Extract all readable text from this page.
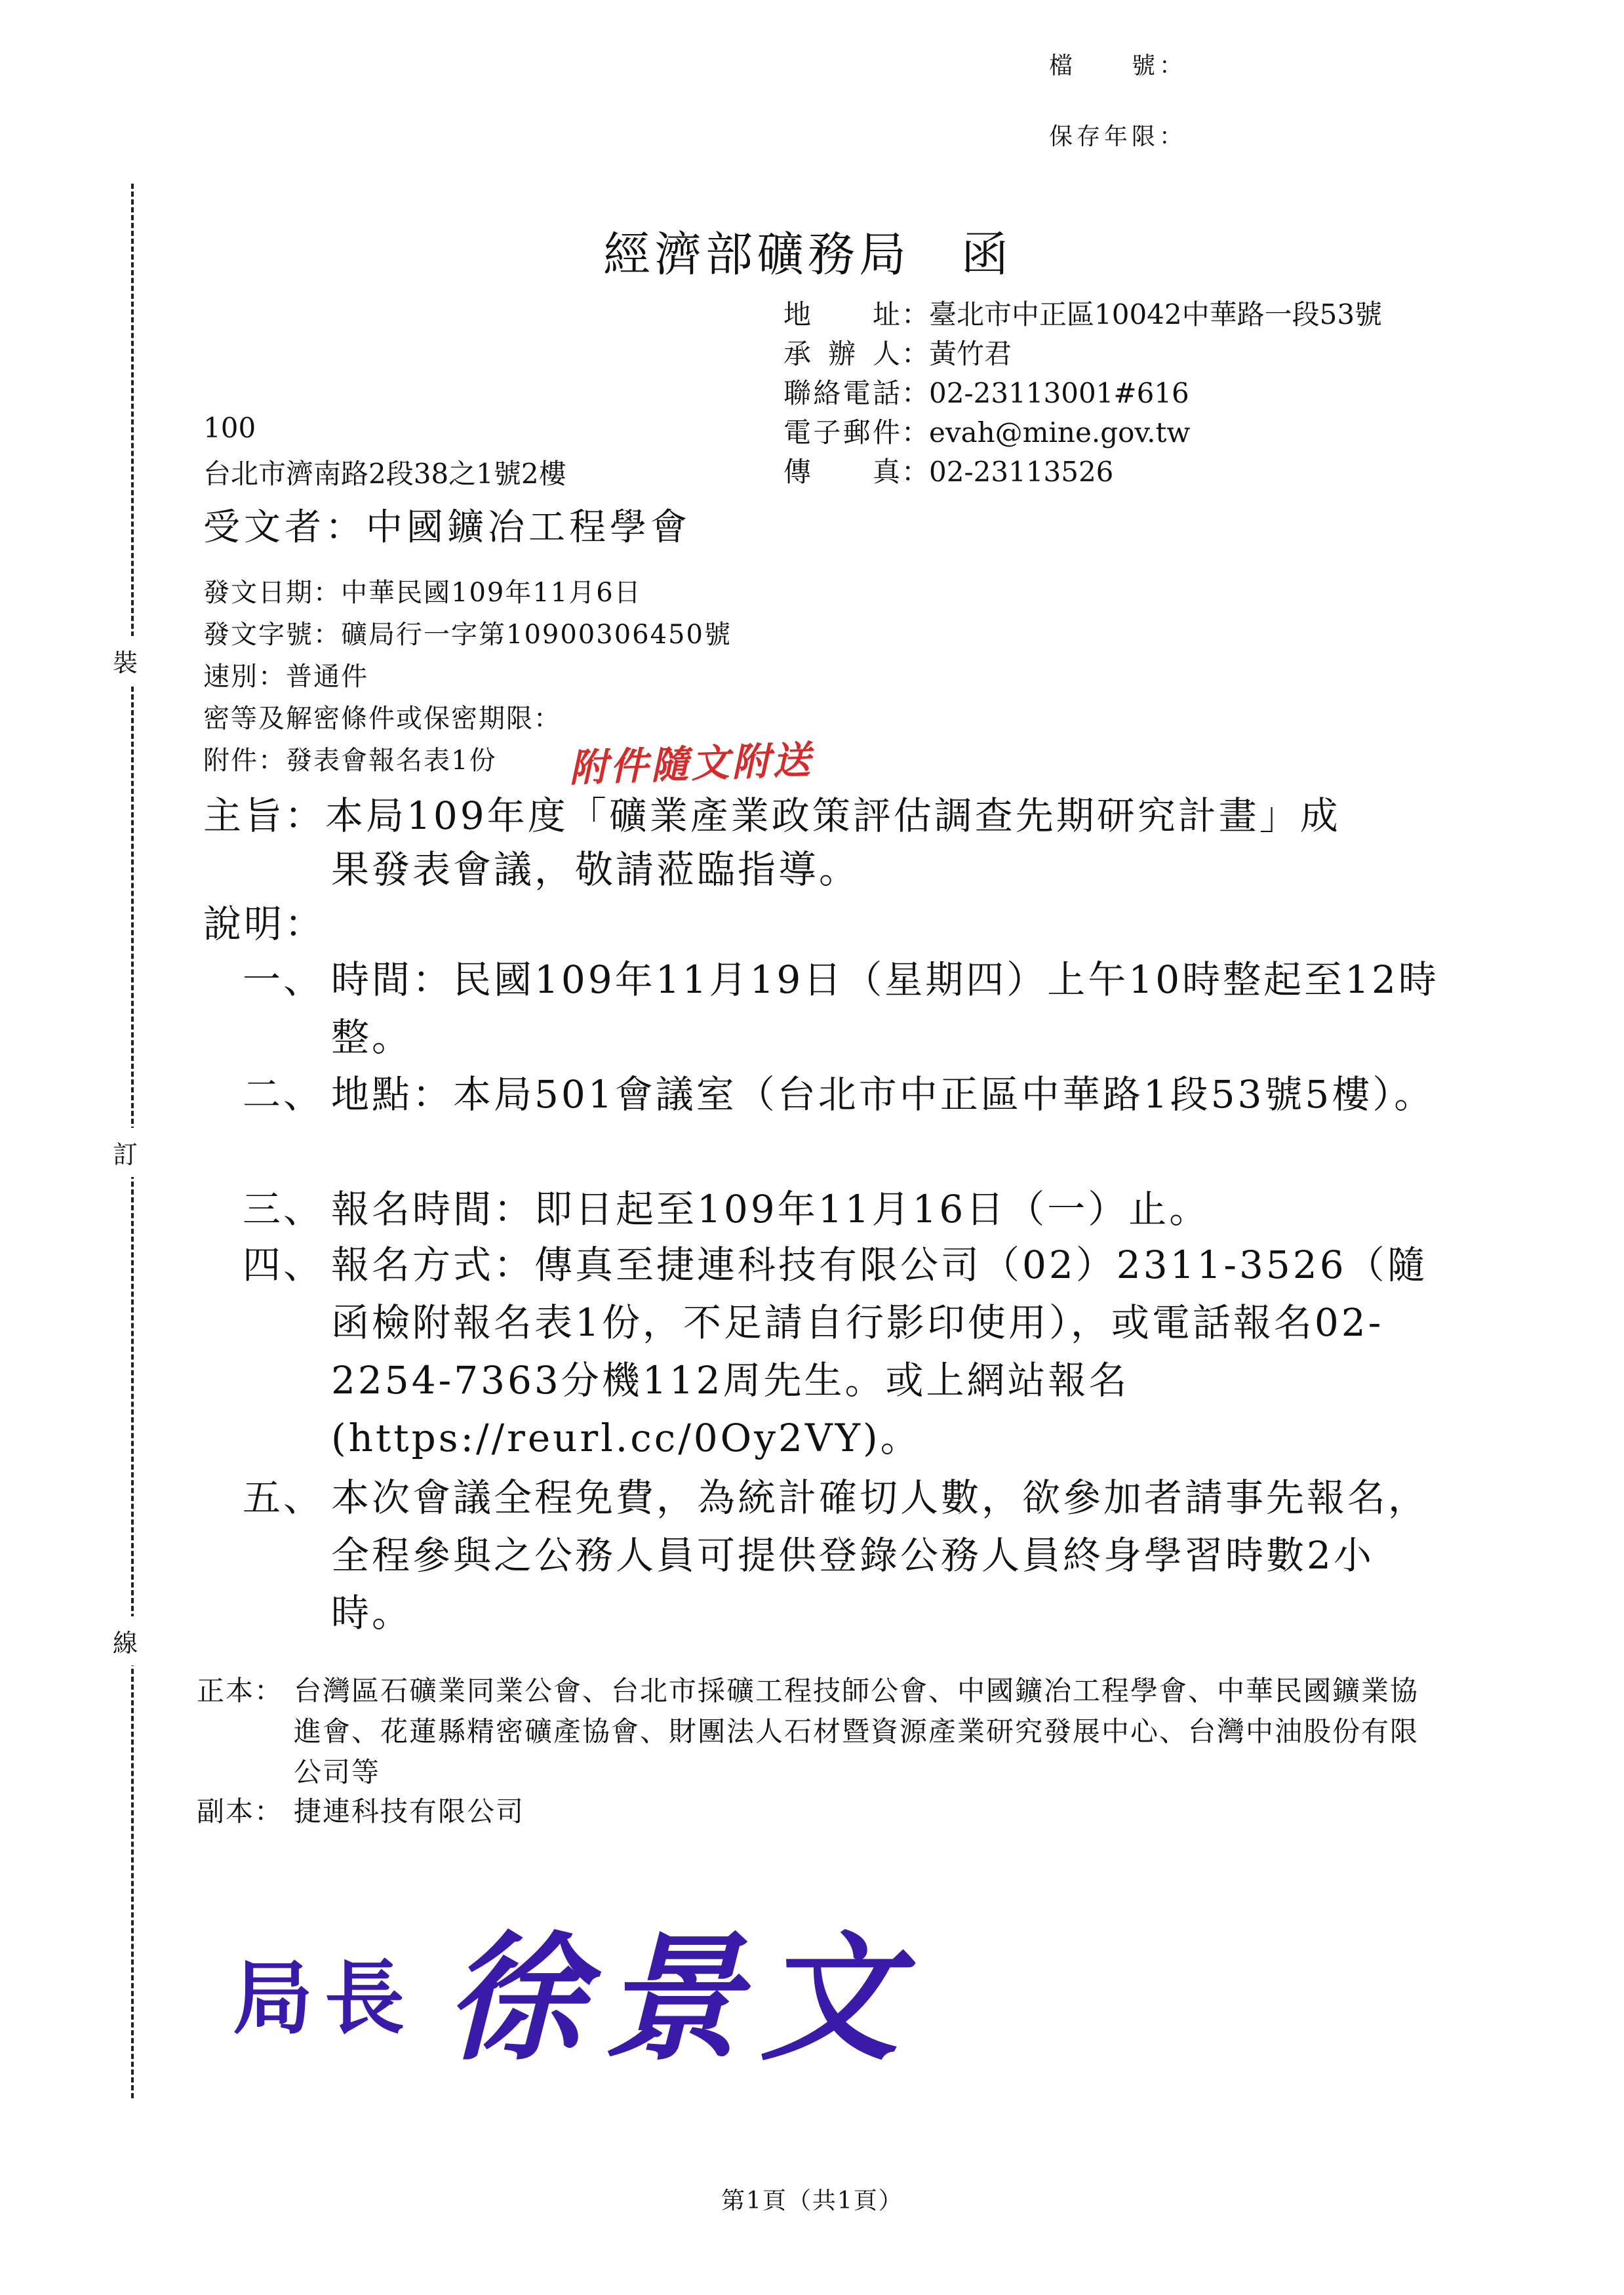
檔　　號：
保存年限：
裝
訂
線
經濟部礦務局　函
地　　址 ：臺北市中正區10042中華路一段53號
承 辦 人 ：黃竹君
聯絡電話 ：02-23113001#616
電子郵件 ：evah@mine.gov.tw
傳　　真 ：02-23113526
100
台北市濟南路2段38之1號2樓
受文者：中國鑛冶工程學會
發文日期：中華民國109年11月6日
發文字號：礦局行一字第10900306450號
速別：普通件
密等及解密條件或保密期限：
附件：發表會報名表1份	附件隨文附送
主旨：本局109年度「礦業產業政策評估調查先期研究計畫」成
果發表會議，敬請蒞臨指導。
說明：
一、 時間：民國109年11月19日（星期四）上午10時整起至12時整。
二、 地點：本局501會議室（台北市中正區中華路1段53號5樓）。
三、 報名時間：即日起至109年11月16日（一）止。
四、 報名方式：傳真至捷連科技有限公司（02）2311-3526（隨函檢附報名表1份，不足請自行影印使用），或電話報名02-2254-7363分機112周先生。或上網站報名(https://reurl.cc/0Oy2VY)。
五、 本次會議全程免費，為統計確切人數，欲參加者請事先報名，全程參與之公務人員可提供登錄公務人員終身學習時數2小時。
正本： 台灣區石礦業同業公會、台北市採礦工程技師公會、中國鑛冶工程學會、中華民國鑛業協進會、花蓮縣精密礦產協會、財團法人石材暨資源產業研究發展中心、台灣中油股份有限公司等
副本： 捷連科技有限公司
局長 徐景文
第1頁（共1頁）
